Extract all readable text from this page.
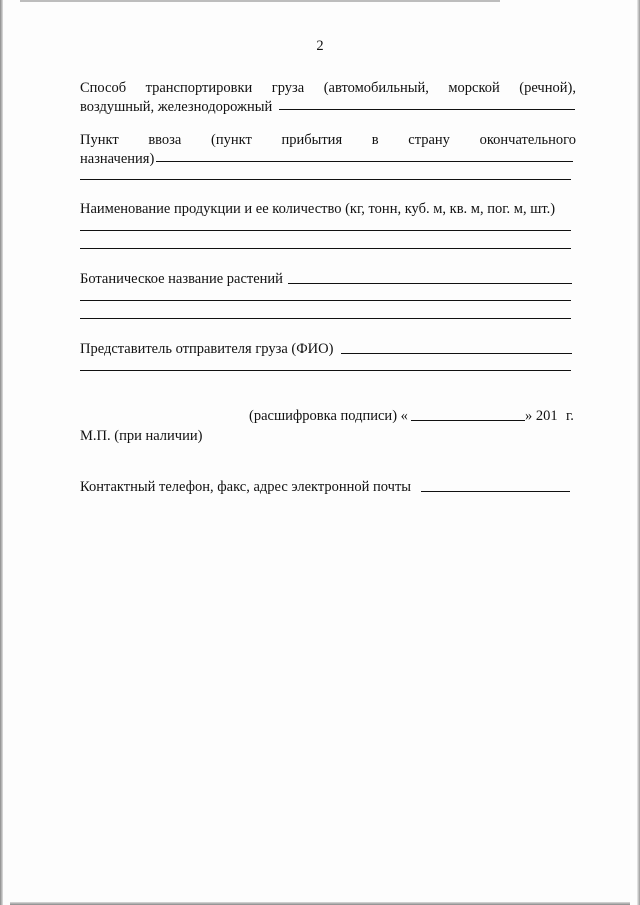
2
Способ транспортировки груза (автомобильный, морской (речной),
воздушный, железнодорожный
Пункт ввоза (пункт прибытия в страну окончательного
назначения)
Наименование продукции и ее количество (кг, тонн, куб. м, кв. м, пог. м, шт.)
Ботаническое название растений
Представитель отправителя груза (ФИО)
(расшифровка подписи) «	» 201 г.
М.П. (при наличии)
Контактный телефон, факс, адрес электронной почты
